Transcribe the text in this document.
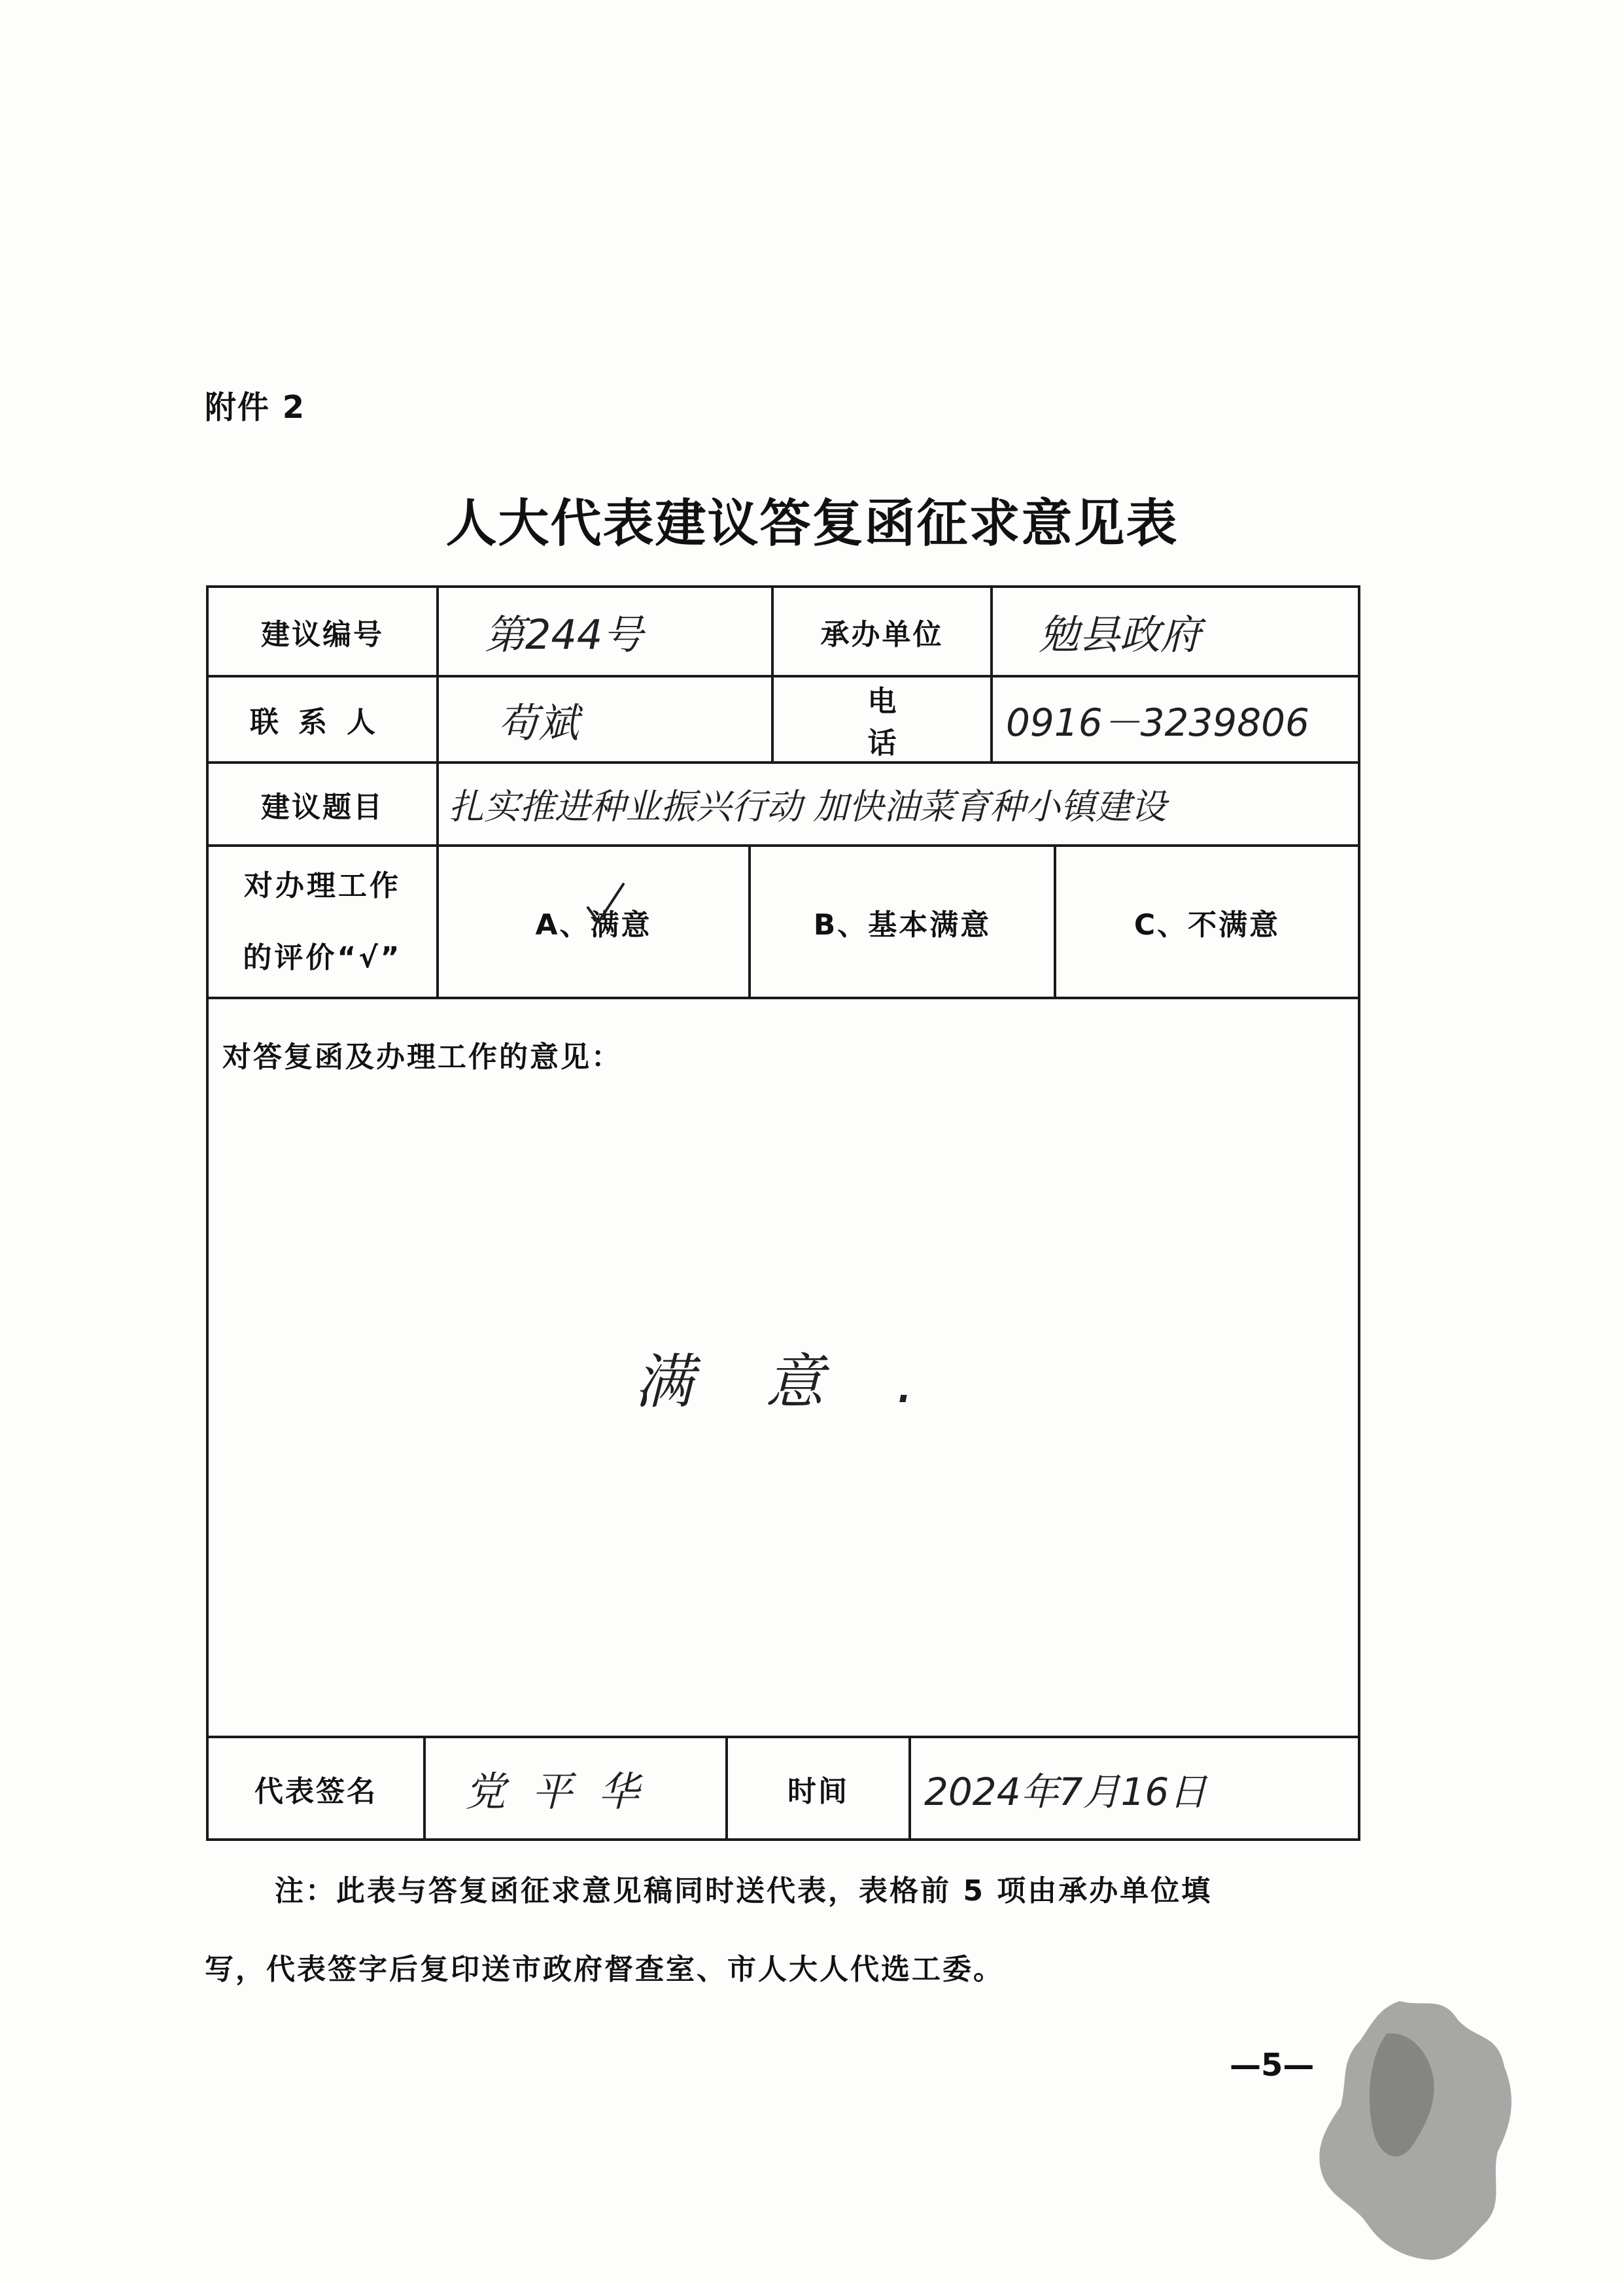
附件 2
人大代表建议答复函征求意见表
建议编号	第244号	承办单位	勉县政府
联系人	苟斌	电话 0916－3239806
建议题目	扎实推进种业振兴行动 加快油菜育种小镇建设
对办理工作
的评价“√”
A、满意	B、基本满意	C、不满意
代表签名	党平华	时间	2024年7月16日
对答复函及办理工作的意见：
满意.
注：此表与答复函征求意见稿同时送代表，表格前 5 项由承办单位填
写，代表签字后复印送市政府督查室、市人大人代选工委。
—5—
